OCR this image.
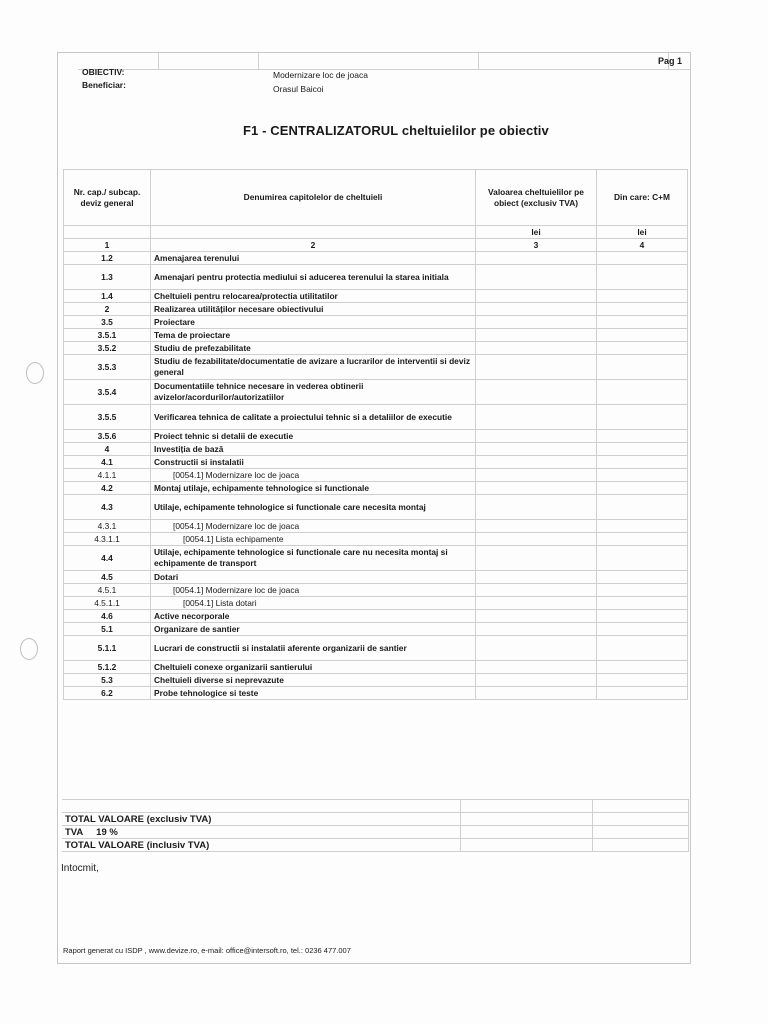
Pag 1
OBIECTIV:	Modernizare loc de joaca
Beneficiar:	Orasul Baicoi
F1 - CENTRALIZATORUL cheltuielilor pe obiectiv
Nr. cap./ subcap. deviz general	Denumirea capitolelor de cheltuieli	Valoarea cheltuielilor pe obiect (exclusiv TVA)	Din care: C+M
		lei	lei
1	2	3	4
1.2	Amenajarea terenului		
1.3	Amenajari pentru protectia mediului si aducerea terenului la starea initiala		
1.4	Cheltuieli pentru relocarea/protectia utilitatilor		
2	Realizarea utilităților necesare obiectivului		
3.5	Proiectare		
3.5.1	Tema de proiectare		
3.5.2	Studiu de prefezabilitate		
3.5.3	Studiu de fezabilitate/documentatie de avizare a lucrarilor de interventii si deviz general		
3.5.4	Documentatiile tehnice necesare in vederea obtinerii avizelor/acordurilor/autorizatiilor		
3.5.5	Verificarea tehnica de calitate a proiectului tehnic si a detaliilor de executie		
3.5.6	Proiect tehnic si detalii de executie		
4	Investiția de bază		
4.1	Constructii si instalatii		
4.1.1	[0054.1] Modernizare loc de joaca		
4.2	Montaj utilaje, echipamente tehnologice si functionale		
4.3	Utilaje, echipamente tehnologice si functionale care necesita montaj		
4.3.1	[0054.1] Modernizare loc de joaca		
4.3.1.1	[0054.1] Lista echipamente		
4.4	Utilaje, echipamente tehnologice si functionale care nu necesita montaj si echipamente de transport		
4.5	Dotari		
4.5.1	[0054.1] Modernizare loc de joaca		
4.5.1.1	[0054.1] Lista dotari		
4.6	Active necorporale		
5.1	Organizare de santier		
5.1.1	Lucrari de constructii si instalatii aferente organizarii de santier		
5.1.2	Cheltuieli conexe organizarii santierului		
5.3	Cheltuieli diverse si neprevazute		
6.2	Probe tehnologice si teste		

TOTAL VALOARE (exclusiv TVA)		
TVA 19 %		
TOTAL VALOARE (inclusiv TVA)		
Intocmit,
Raport generat cu ISDP , www.devize.ro, e-mail: office@intersoft.ro, tel.: 0236 477.007
